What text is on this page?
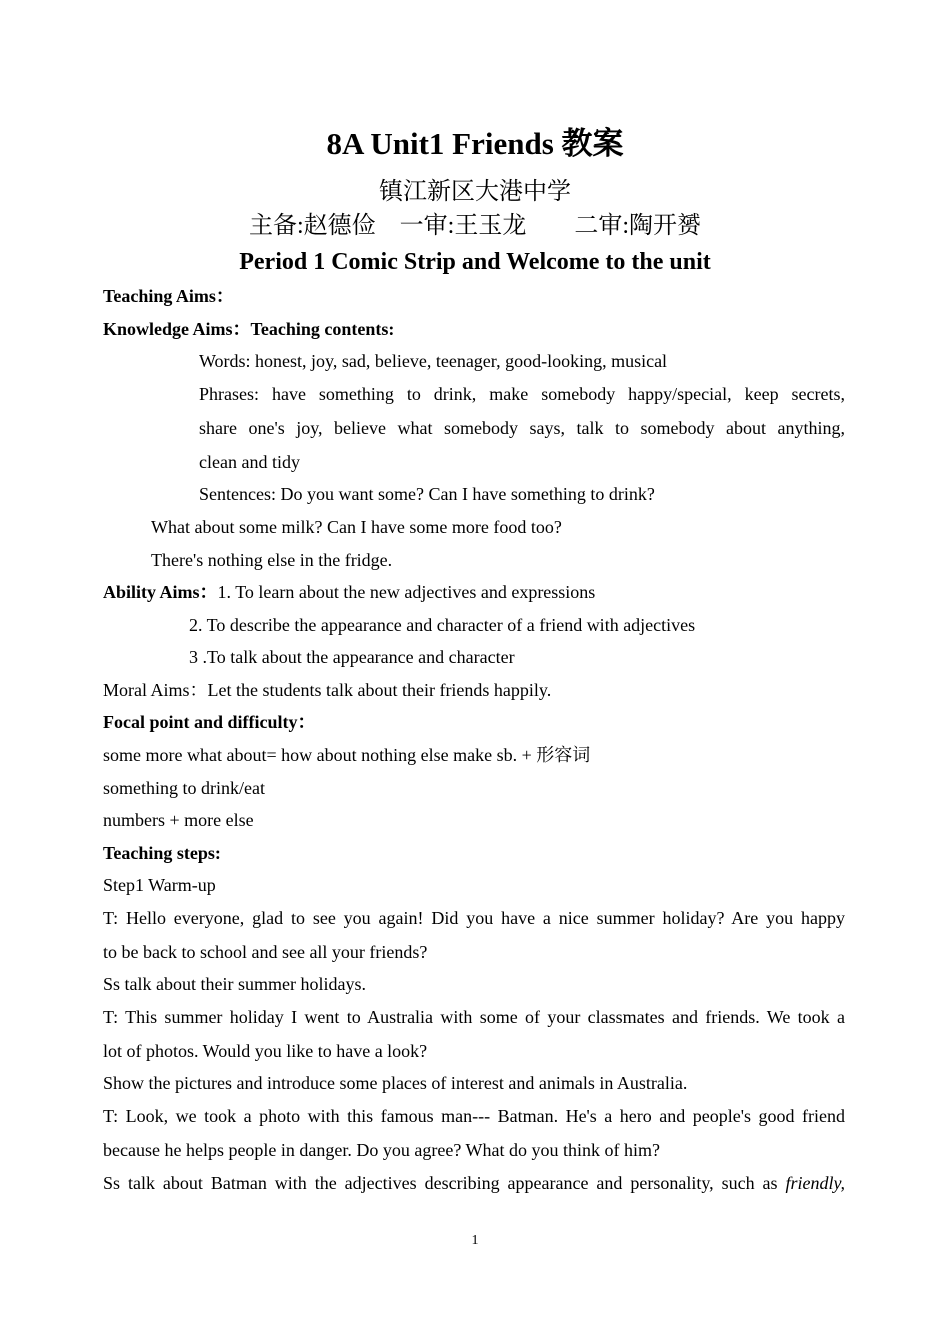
8A Unit1 Friends 教案
镇江新区大港中学
主备:赵德俭　一审:王玉龙　　二审:陶开赟
Period 1 Comic Strip and Welcome to the unit
Teaching Aims：
Knowledge Aims：Teaching contents:
Words: honest, joy, sad, believe, teenager, good-looking, musical
Phrases: have something to drink, make somebody happy/special, keep secrets,
share one's joy, believe what somebody says, talk to somebody about anything,
clean and tidy
Sentences: Do you want some? Can I have something to drink?
What about some milk? Can I have some more food too?
There's nothing else in the fridge.
Ability Aims：1. To learn about the new adjectives and expressions
2. To describe the appearance and character of a friend with adjectives
3 .To talk about the appearance and character
Moral Aims：Let the students talk about their friends happily.
Focal point and difficulty：
some more what about= how about nothing else make sb. + 形容词
something to drink/eat
numbers + more else
Teaching steps:
Step1 Warm-up
T: Hello everyone, glad to see you again! Did you have a nice summer holiday? Are you happy
to be back to school and see all your friends?
Ss talk about their summer holidays.
T: This summer holiday I went to Australia with some of your classmates and friends. We took a
lot of photos. Would you like to have a look?
Show the pictures and introduce some places of interest and animals in Australia.
T: Look, we took a photo with this famous man--- Batman. He's a hero and people's good friend
because he helps people in danger. Do you agree? What do you think of him?
Ss talk about Batman with the adjectives describing appearance and personality, such as friendly,
1
